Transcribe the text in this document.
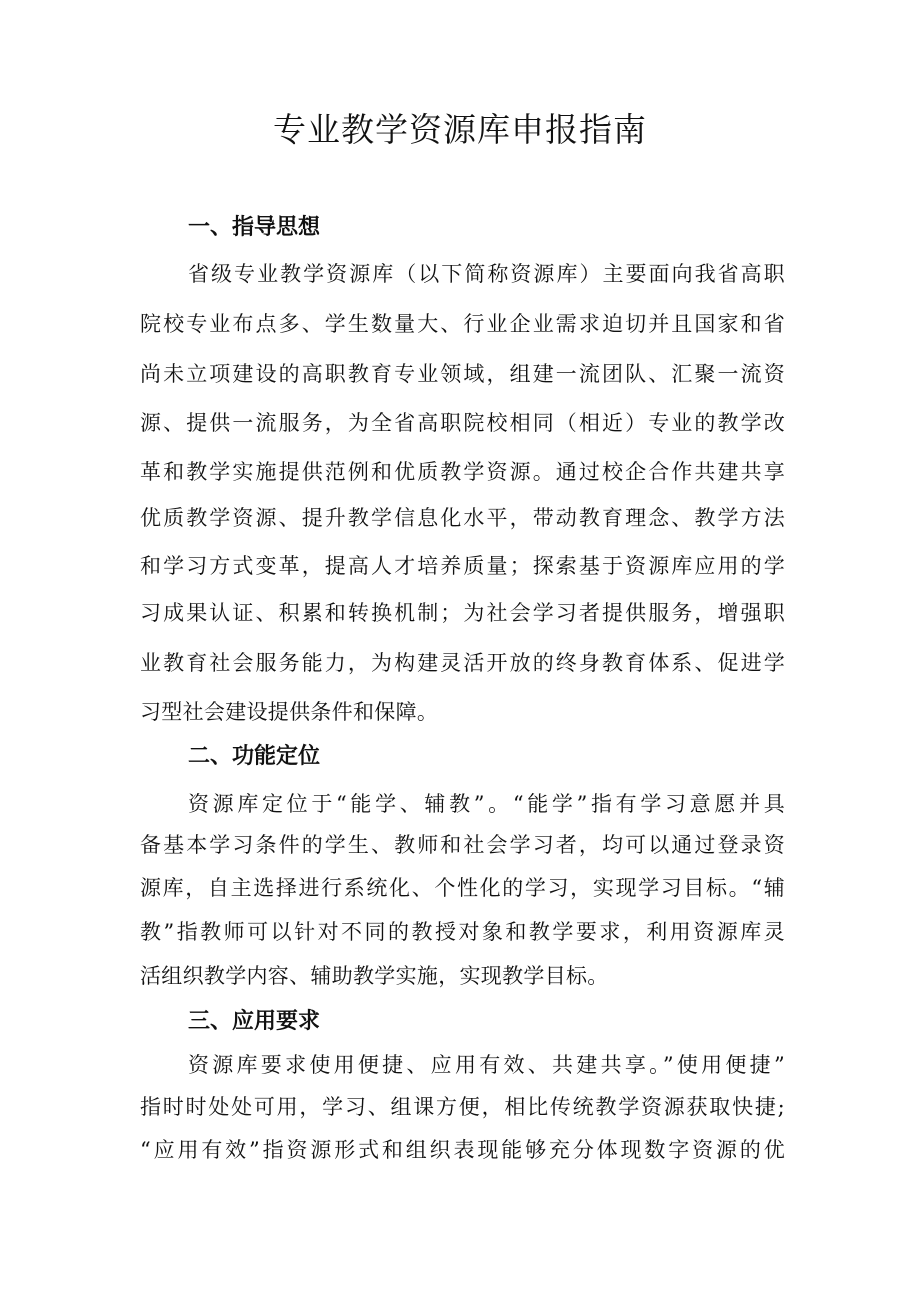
专业教学资源库申报指南
一、指导思想

省级专业教学资源库（以下简称资源库）主要面向我省高职

院校专业布点多、学生数量大、行业企业需求迫切并且国家和省

尚未立项建设的高职教育专业领域，组建一流团队、汇聚一流资

源、提供一流服务，为全省高职院校相同（相近）专业的教学改

革和教学实施提供范例和优质教学资源。通过校企合作共建共享

优质教学资源、提升教学信息化水平，带动教育理念、教学方法

和学习方式变革，提高人才培养质量；探索基于资源库应用的学

习成果认证、积累和转换机制；为社会学习者提供服务，增强职

业教育社会服务能力，为构建灵活开放的终身教育体系、促进学

习型社会建设提供条件和保障。

二、功能定位

资源库定位于“能学、辅教”。“能学”指有学习意愿并具

备基本学习条件的学生、教师和社会学习者，均可以通过登录资

源库，自主选择进行系统化、个性化的学习，实现学习目标。“辅

教”指教师可以针对不同的教授对象和教学要求，利用资源库灵

活组织教学内容、辅助教学实施，实现教学目标。

三、应用要求

资源库要求使用便捷、应用有效、共建共享。”使用便捷”

指时时处处可用，学习、组课方便，相比传统教学资源获取快捷;

“应用有效”指资源形式和组织表现能够充分体现数字资源的优
